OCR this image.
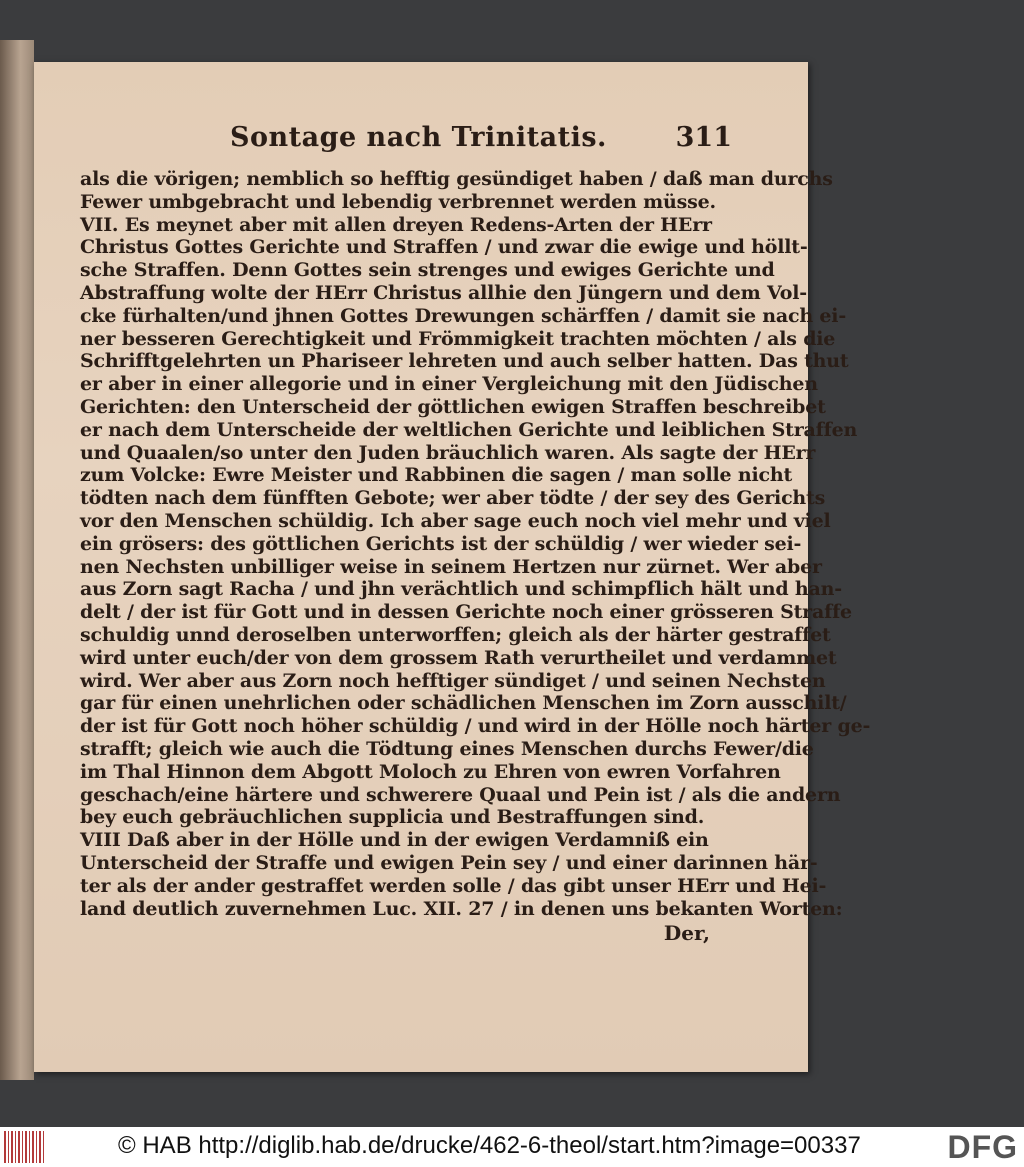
Sontage nach Trinitatis.	311
als die vörigen; nemblich so hefftig gesündiget haben / daß man durchs
Fewer umbgebracht und lebendig verbrennet werden müsse.
VII. Es meynet aber mit allen dreyen Redens-Arten der HErr
Christus Gottes Gerichte und Straffen / und zwar die ewige und höllt-
sche Straffen. Denn Gottes sein strenges und ewiges Gerichte und
Abstraffung wolte der HErr Christus allhie den Jüngern und dem Vol-
cke fürhalten/und jhnen Gottes Drewungen schärffen / damit sie nach ei-
ner besseren Gerechtigkeit und Frömmigkeit trachten möchten / als die
Schrifftgelehrten un Phariseer lehreten und auch selber hatten. Das thut
er aber in einer allegorie und in einer Vergleichung mit den Jüdischen
Gerichten: den Unterscheid der göttlichen ewigen Straffen beschreibet
er nach dem Unterscheide der weltlichen Gerichte und leiblichen Straffen
und Quaalen/so unter den Juden bräuchlich waren. Als sagte der HErr
zum Volcke: Ewre Meister und Rabbinen die sagen / man solle nicht
tödten nach dem fünfften Gebote; wer aber tödte / der sey des Gerichts
vor den Menschen schüldig. Ich aber sage euch noch viel mehr und viel
ein grösers: des göttlichen Gerichts ist der schüldig / wer wieder sei-
nen Nechsten unbilliger weise in seinem Hertzen nur zürnet. Wer aber
aus Zorn sagt Racha / und jhn verächtlich und schimpflich hält und han-
delt / der ist für Gott und in dessen Gerichte noch einer grösseren Straffe
schuldig unnd deroselben unterworffen; gleich als der härter gestraffet
wird unter euch/der von dem grossem Rath verurtheilet und verdammet
wird. Wer aber aus Zorn noch hefftiger sündiget / und seinen Nechsten
gar für einen unehrlichen oder schädlichen Menschen im Zorn ausschilt/
der ist für Gott noch höher schüldig / und wird in der Hölle noch härter ge-
strafft; gleich wie auch die Tödtung eines Menschen durchs Fewer/die
im Thal Hinnon dem Abgott Moloch zu Ehren von ewren Vorfahren
geschach/eine härtere und schwerere Quaal und Pein ist / als die andern
bey euch gebräuchlichen supplicia und Bestraffungen sind.
VIII Daß aber in der Hölle und in der ewigen Verdamniß ein
Unterscheid der Straffe und ewigen Pein sey / und einer darinnen här-
ter als der ander gestraffet werden solle / das gibt unser HErr und Hei-
land deutlich zuvernehmen Luc. XII. 27 / in denen uns bekanten Worten:
Der,
© HAB http://diglib.hab.de/drucke/462-6-theol/start.htm?image=00337	DFG
